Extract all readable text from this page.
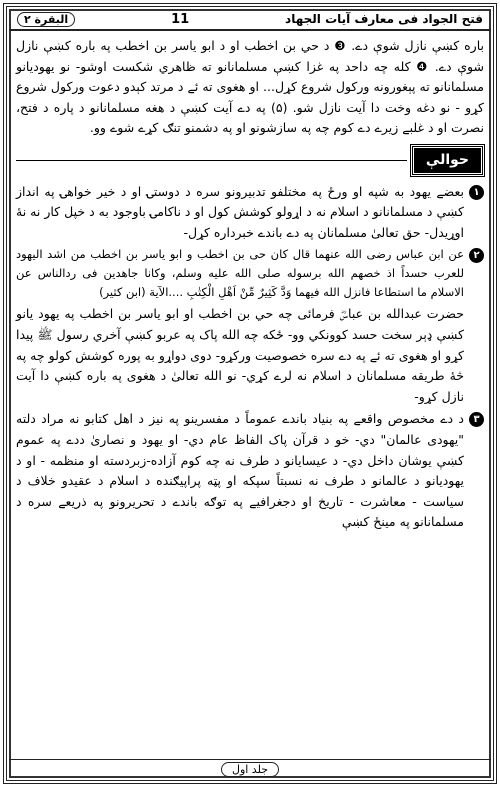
البقرة ۲	11	فتح الجواد فی معارف آیات الجهاد

باره کښې نازل شوې دے. ❸ د حي بن اخطب او د ابو یاسر بن اخطب په باره کښې نازل شوې دے. ❹ کله چه داحد په غزا کښې مسلمانانو ته ظاهري شکست اوشو- نو یهودیانو مسلمانانو ته پېغورونه ورکول شروع کړل... او هغوی ته ئے د مرتد کېدو دعوت ورکول شروع کړو - نو دغه وخت دا آیت نازل شو. (۵) په دے آیت کښې د هغه مسلمانانو د پاره د فتح، نصرت او د غلبے زیرے دے کوم چه په سازشونو او په دشمنو تنګ کړے شوے وو.

حوالې
۱

بعضے یهود به شپه او ورځ په مختلفو تدبیرونو سره د دوستۍ او د خیر خواهۍ په انداز کښې د مسلمانانو د اسلام نه د اړولو کوشش کول او د ناکامۍ باوجود به د خپل کار نه نۀ اوړیدل- حق تعالیٰ مسلمانان په دے باندے خبرداره کړل-

۲

عن ابن عباس رضی الله عنهما قال کان حی بن اخطب و ابو یاسر بن اخطب من اشد الیهود للعرب حسداً اذ خصهم الله برسوله صلی الله علیه وسلم، وکانا جاهدین فی ردالناس عن الاسلام ما استطاعا فانزل الله فیهما وَدَّ کَثِیرٌ مِّنْ اَهْلِ الْکِتٰبِ ....الآیة (ابن کثیر)

حضرت عبدالله بن عباسؓ فرمائی چه حي بن اخطب او ابو یاسر بن اخطب په یهود یانو کښې ډېر سخت حسد کوونکي وو- ځکه چه الله پاک په عربو کښې آخري رسول ﷺ پیدا کړو او هغوی ته ئے په دے سره خصوصیت ورکړو- دوی دواړو به پوره کوشش کولو چه په څۀ طریقه مسلمانان د اسلام نه لرے کړي- نو الله تعالیٰ د هغوی په باره کښې دا آیت نازل کړو-

۳

د دے مخصوص واقعے په بنیاد باندے عموماً د مفسرینو په نیز د اهل کتابو نه مراد دلته "یهودی عالمان" دي- خو د قرآن پاک الفاظ عام دي- او یهود و نصاریٰ ددے په عموم کښې یوشان داخل دي- د عیسایانو د طرف نه چه کوم آزاده-زبردسته او منظمه - او د یهودیانو د عالمانو د طرف نه نسبتاً سپکه او پټه پراپیګنده د اسلام د عقیدو خلاف د سیاست - معاشرت - تاریخ او دجغرافیے په توګه باندے د تحریرونو په ذریعے سره د مسلمانانو په مینځ کښې

جلد اول
